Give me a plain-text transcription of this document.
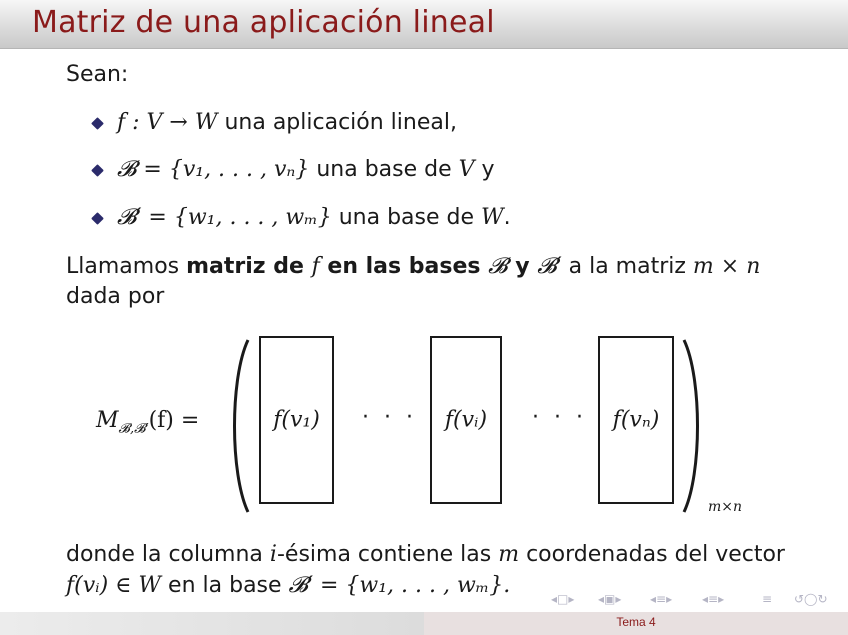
Matriz de una aplicación lineal
Sean:
f : V → W una aplicación lineal,
𝓑 = {v₁, . . . , vₙ} una base de V y
𝓑′ = {w₁, . . . , wₘ} una base de W.
Llamamos matriz de f en las bases 𝓑 y 𝓑′ a la matriz m × n
dada por
$M_{𝓑,𝓑'}(f)$ =	f(v₁)	· · ·	f(vᵢ)	· · ·	f(vₙ)
m×n
donde la columna i-ésima contiene las m coordenadas del vector
f(vᵢ) ∈ W en la base 𝓑′ = {w₁, . . . , wₘ}.
◂□▸ ◂▣▸ ◂≡▸ ◂≡▸	≡ ↺◯↻
Tema 4
